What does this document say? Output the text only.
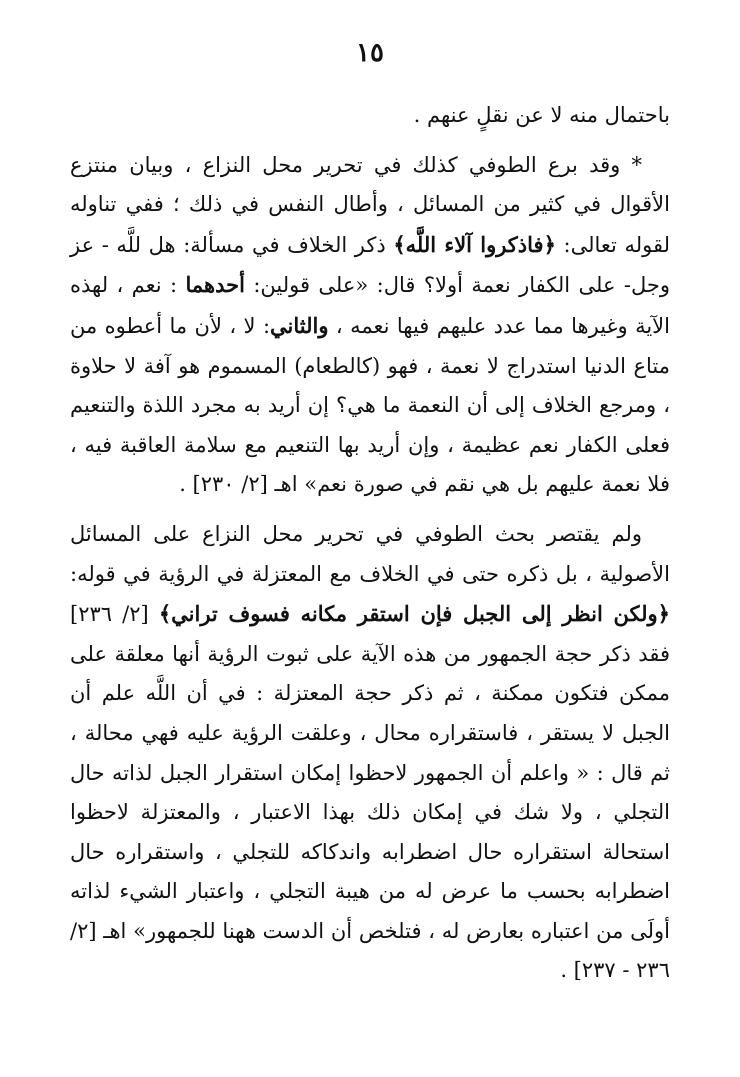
١٥

باحتمال منه لا عن نقلٍ عنهم .

* وقد برع الطوفي كذلك في تحرير محل النزاع ، وبيان منتزع الأقوال في كثير من المسائل ، وأطال النفس في ذلك ؛ ففي تناوله لقوله تعالى: ﴿فاذكروا آلاء اللَّه﴾ ذكر الخلاف في مسألة: هل للَّه - عز وجل- على الكفار نعمة أولا؟ قال: «على قولين: أحدهما : نعم ، لهذه الآية وغيرها مما عدد عليهم فيها نعمه ، والثاني: لا ، لأن ما أعطوه من متاع الدنيا استدراج لا نعمة ، فهو (كالطعام) المسموم هو آفة لا حلاوة ، ومرجع الخلاف إلى أن النعمة ما هي؟ إن أريد به مجرد اللذة والتنعيم فعلى الكفار نعم عظيمة ، وإن أريد بها التنعيم مع سلامة العاقبة فيه ، فلا نعمة عليهم بل هي نقم في صورة نعم» اهـ [٢/ ٢٣٠] .

ولم يقتصر بحث الطوفي في تحرير محل النزاع على المسائل الأصولية ، بل ذكره حتى في الخلاف مع المعتزلة في الرؤية في قوله: ﴿ولكن انظر إلى الجبل فإن استقر مكانه فسوف تراني﴾ [٢/ ٢٣٦] فقد ذكر حجة الجمهور من هذه الآية على ثبوت الرؤية أنها معلقة على ممكن فتكون ممكنة ، ثم ذكر حجة المعتزلة : في أن اللَّه علم أن الجبل لا يستقر ، فاستقراره محال ، وعلقت الرؤية عليه فهي محالة ، ثم قال : « واعلم أن الجمهور لاحظوا إمكان استقرار الجبل لذاته حال التجلي ، ولا شك في إمكان ذلك بهذا الاعتبار ، والمعتزلة لاحظوا استحالة استقراره حال اضطرابه واندكاكه للتجلي ، واستقراره حال اضطرابه بحسب ما عرض له من هيبة التجلي ، واعتبار الشيء لذاته أولَى من اعتباره بعارض له ، فتلخص أن الدست ههنا للجمهور» اهـ [٢/ ٢٣٦ - ٢٣٧] .
